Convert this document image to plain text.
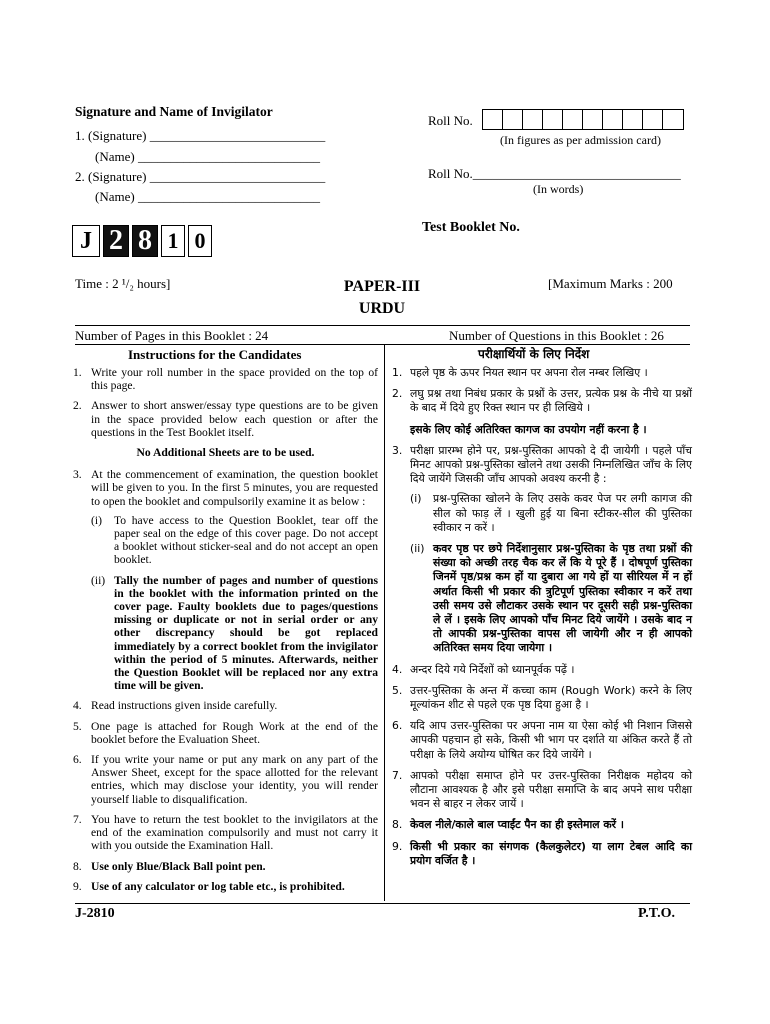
Signature and Name of Invigilator
1. (Signature) ___________________________
(Name) ____________________________
2. (Signature) ___________________________
(Name) ____________________________
Roll No.
(In figures as per admission card)
Roll No.________________________________
(In words)
Test Booklet No.
J 2 8 1 0
Time : 2 ¹/₂ hours]	PAPER-III
URDU
[Maximum Marks : 200
Number of Pages in this Booklet : 24	Number of Questions in this Booklet : 26
Instructions for the Candidates	परीक्षार्थियों के लिए निर्देश
1. Write your roll number in the space provided on the top of this page.
2. Answer to short answer/essay type questions are to be given in the space provided below each question or after the questions in the Test Booklet itself.
No Additional Sheets are to be used.
3. At the commencement of examination, the question booklet will be given to you. In the first 5 minutes, you are requested to open the booklet and compulsorily examine it as below :
(i)	To have access to the Question Booklet, tear off the paper seal on the edge of this cover page. Do not accept a booklet without sticker-seal and do not accept an open booklet.
(ii) Tally the number of pages and number of questions in the booklet with the information printed on the cover page. Faulty booklets due to pages/questions missing or duplicate or not in serial order or any other discrepancy should be got replaced immediately by a correct booklet from the invigilator within the period of 5 minutes. Afterwards, neither the Question Booklet will be replaced nor any extra time will be given.
4. Read instructions given inside carefully.
5. One page is attached for Rough Work at the end of the booklet before the Evaluation Sheet.
6. If you write your name or put any mark on any part of the Answer Sheet, except for the space allotted for the relevant entries, which may disclose your identity, you will render yourself liable to disqualification.
7. You have to return the test booklet to the invigilators at the end of the examination compulsorily and must not carry it with you outside the Examination Hall.
8. Use only Blue/Black Ball point pen.
9. Use of any calculator or log table etc., is prohibited.
1. पहले पृष्ठ के ऊपर नियत स्थान पर अपना रोल नम्बर लिखिए ।
2. लघु प्रश्न तथा निबंध प्रकार के प्रश्नों के उत्तर, प्रत्येक प्रश्न के नीचे या प्रश्नों के बाद में दिये हुए रिक्त स्थान पर ही लिखिये ।
इसके लिए कोई अतिरिक्त कागज का उपयोग नहीं करना है ।
3. परीक्षा प्रारम्भ होने पर, प्रश्न-पुस्तिका आपको दे दी जायेगी । पहले पाँच मिनट आपको प्रश्न-पुस्तिका खोलने तथा उसकी निम्नलिखित जाँच के लिए दिये जायेंगे जिसकी जाँच आपको अवश्य करनी है :
(i)	प्रश्न-पुस्तिका खोलने के लिए उसके कवर पेज पर लगी कागज की सील को फाड़ लें । खुली हुई या बिना स्टीकर-सील की पुस्तिका स्वीकार न करें ।
(ii) कवर पृष्ठ पर छपे निर्देशानुसार प्रश्न-पुस्तिका के पृष्ठ तथा प्रश्नों की संख्या को अच्छी तरह चैक कर लें कि ये पूरे हैं । दोषपूर्ण पुस्तिका जिनमें पृष्ठ/प्रश्न कम हों या दुबारा आ गये हों या सीरियल में न हों अर्थात किसी भी प्रकार की त्रुटिपूर्ण पुस्तिका स्वीकार न करें तथा उसी समय उसे लौटाकर उसके स्थान पर दूसरी सही प्रश्न-पुस्तिका ले लें । इसके लिए आपको पाँच मिनट दिये जायेंगे । उसके बाद न तो आपकी प्रश्न-पुस्तिका वापस ली जायेगी और न ही आपको अतिरिक्त समय दिया जायेगा ।
4. अन्दर दिये गये निर्देशों को ध्यानपूर्वक पढ़ें ।
5. उत्तर-पुस्तिका के अन्त में कच्चा काम (Rough Work) करने के लिए मूल्यांकन शीट से पहले एक पृष्ठ दिया हुआ है ।
6. यदि आप उत्तर-पुस्तिका पर अपना नाम या ऐसा कोई भी निशान जिससे आपकी पहचान हो सके, किसी भी भाग पर दर्शाते या अंकित करते हैं तो परीक्षा के लिये अयोग्य घोषित कर दिये जायेंगे ।
7. आपको परीक्षा समाप्त होने पर उत्तर-पुस्तिका निरीक्षक महोदय को लौटाना आवश्यक है और इसे परीक्षा समाप्ति के बाद अपने साथ परीक्षा भवन से बाहर न लेकर जायें ।
8. केवल नीले/काले बाल प्वाईंट पैन का ही इस्तेमाल करें ।
9. किसी भी प्रकार का संगणक (कैलकुलेटर) या लाग टेबल आदि का प्रयोग वर्जित है ।
J-2810	P.T.O.
